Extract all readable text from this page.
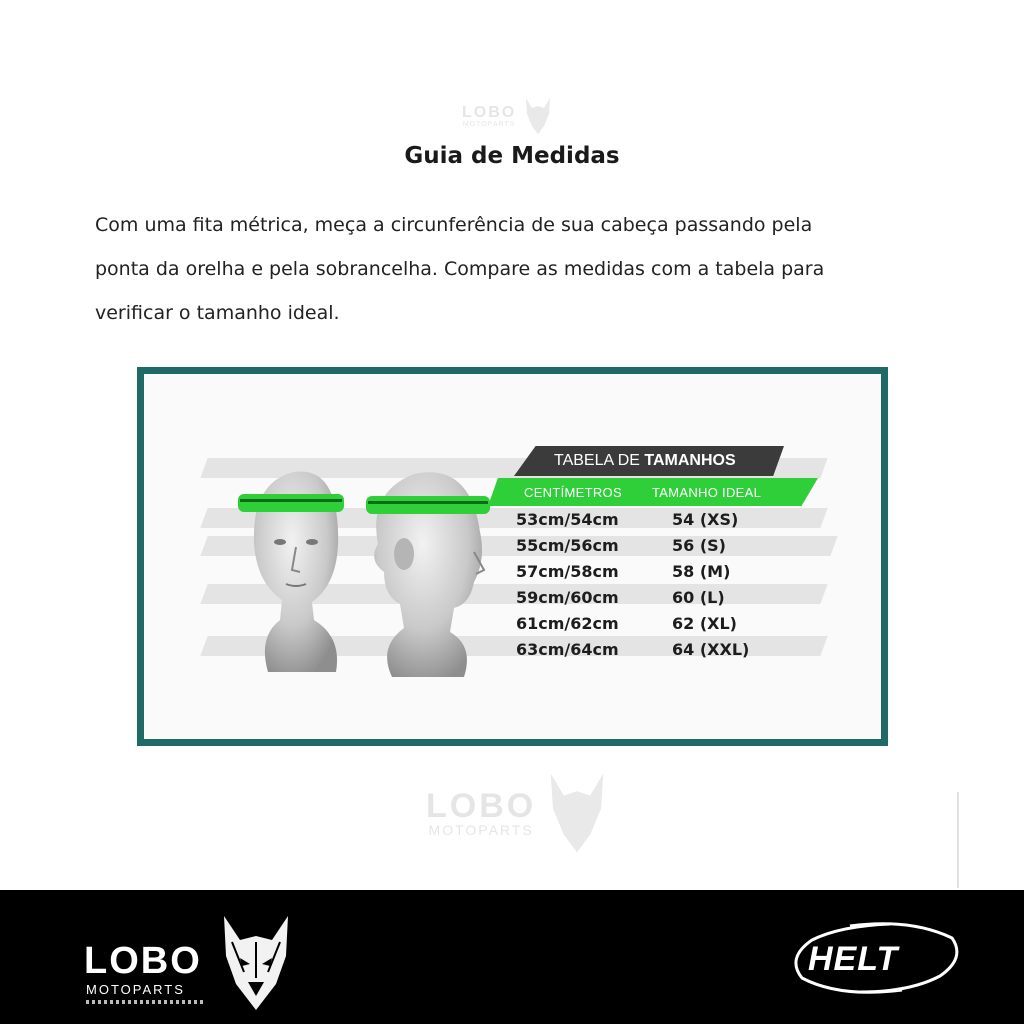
LOBO
MOTOPARTS
Guia de Medidas
Com uma fita métrica, meça a circunferência de sua cabeça passando pela
ponta da orelha e pela sobrancelha. Compare as medidas com a tabela para
verificar o tamanho ideal.
TABELA DE TAMANHOS
CENTÍMETROS TAMANHO IDEAL
53cm/54cm	54 (XS)
55cm/56cm	56 (S)
57cm/58cm	58 (M)
59cm/60cm	60 (L)
61cm/62cm	62 (XL)
63cm/64cm	64 (XXL)
LOBO
MOTOPARTS
LOBO
MOTOPARTS
HELT
